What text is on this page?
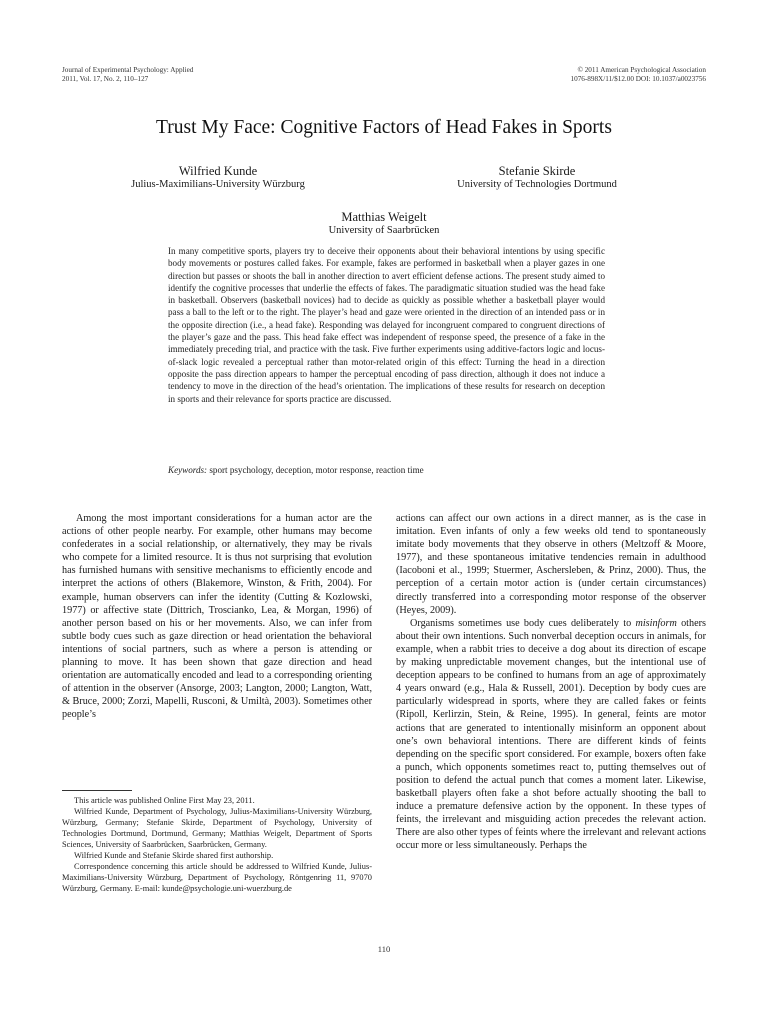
Journal of Experimental Psychology: Applied
2011, Vol. 17, No. 2, 110–127
© 2011 American Psychological Association
1076-898X/11/$12.00 DOI: 10.1037/a0023756
Trust My Face: Cognitive Factors of Head Fakes in Sports
Wilfried Kunde
Julius-Maximilians-University Würzburg
Stefanie Skirde
University of Technologies Dortmund
Matthias Weigelt
University of Saarbrücken
In many competitive sports, players try to deceive their opponents about their behavioral intentions by using specific body movements or postures called fakes. For example, fakes are performed in basketball when a player gazes in one direction but passes or shoots the ball in another direction to avert efficient defense actions. The present study aimed to identify the cognitive processes that underlie the effects of fakes. The paradigmatic situation studied was the head fake in basketball. Observers (basketball novices) had to decide as quickly as possible whether a basketball player would pass a ball to the left or to the right. The player’s head and gaze were oriented in the direction of an intended pass or in the opposite direction (i.e., a head fake). Responding was delayed for incongruent compared to congruent directions of the player’s gaze and the pass. This head fake effect was independent of response speed, the presence of a fake in the immediately preceding trial, and practice with the task. Five further experiments using additive-factors logic and locus-of-slack logic revealed a perceptual rather than motor-related origin of this effect: Turning the head in a direction opposite the pass direction appears to hamper the perceptual encoding of pass direction, although it does not induce a tendency to move in the direction of the head’s orientation. The implications of these results for research on deception in sports and their relevance for sports practice are discussed.
Keywords: sport psychology, deception, motor response, reaction time

Among the most important considerations for a human actor are the actions of other people nearby. For example, other humans may become confederates in a social relationship, or alternatively, they may be rivals who compete for a limited resource. It is thus not surprising that evolution has furnished humans with sensitive mechanisms to efficiently encode and interpret the actions of others (Blakemore, Winston, & Frith, 2004). For example, human observers can infer the identity (Cutting & Kozlowski, 1977) or affective state (Dittrich, Troscianko, Lea, & Morgan, 1996) of another person based on his or her movements. Also, we can infer from subtle body cues such as gaze direction or head orientation the behavioral intentions of social partners, such as where a person is attending or planning to move. It has been shown that gaze direction and head orientation are automatically encoded and lead to a corresponding orienting of attention in the observer (Ansorge, 2003; Langton, 2000; Langton, Watt, & Bruce, 2000; Zorzi, Mapelli, Rusconi, & Umiltà, 2003). Sometimes other people’s

actions can affect our own actions in a direct manner, as is the case in imitation. Even infants of only a few weeks old tend to spontaneously imitate body movements that they observe in others (Meltzoff & Moore, 1977), and these spontaneous imitative tendencies remain in adulthood (Iacoboni et al., 1999; Stuermer, Aschersleben, & Prinz, 2000). Thus, the perception of a certain motor action is (under certain circumstances) directly transferred into a corresponding motor response of the observer (Heyes, 2009).

Organisms sometimes use body cues deliberately to misinform others about their own intentions. Such nonverbal deception occurs in animals, for example, when a rabbit tries to deceive a dog about its direction of escape by making unpredictable movement changes, but the intentional use of deception appears to be confined to humans from an age of approximately 4 years onward (e.g., Hala & Russell, 2001). Deception by body cues are particularly widespread in sports, where they are called fakes or feints (Ripoll, Kerlirzin, Stein, & Reine, 1995). In general, feints are motor actions that are generated to intentionally misinform an opponent about one’s own behavioral intentions. There are different kinds of feints depending on the specific sport considered. For example, boxers often fake a punch, which opponents sometimes react to, putting themselves out of position to defend the actual punch that comes a moment later. Likewise, basketball players often fake a shot before actually shooting the ball to induce a premature defensive action by the opponent. In these types of feints, the irrelevant and misguiding action precedes the relevant action. There are also other types of feints where the irrelevant and relevant actions occur more or less simultaneously. Perhaps the

This article was published Online First May 23, 2011.

Wilfried Kunde, Department of Psychology, Julius-Maximilians-University Würzburg, Würzburg, Germany; Stefanie Skirde, Department of Psychology, University of Technologies Dortmund, Dortmund, Germany; Matthias Weigelt, Department of Sports Sciences, University of Saarbrücken, Saarbrücken, Germany.

Wilfried Kunde and Stefanie Skirde shared first authorship.

Correspondence concerning this article should be addressed to Wilfried Kunde, Julius-Maximilians-University Würzburg, Department of Psychology, Röntgenring 11, 97070 Würzburg, Germany. E-mail: kunde@psychologie.uni-wuerzburg.de

110
